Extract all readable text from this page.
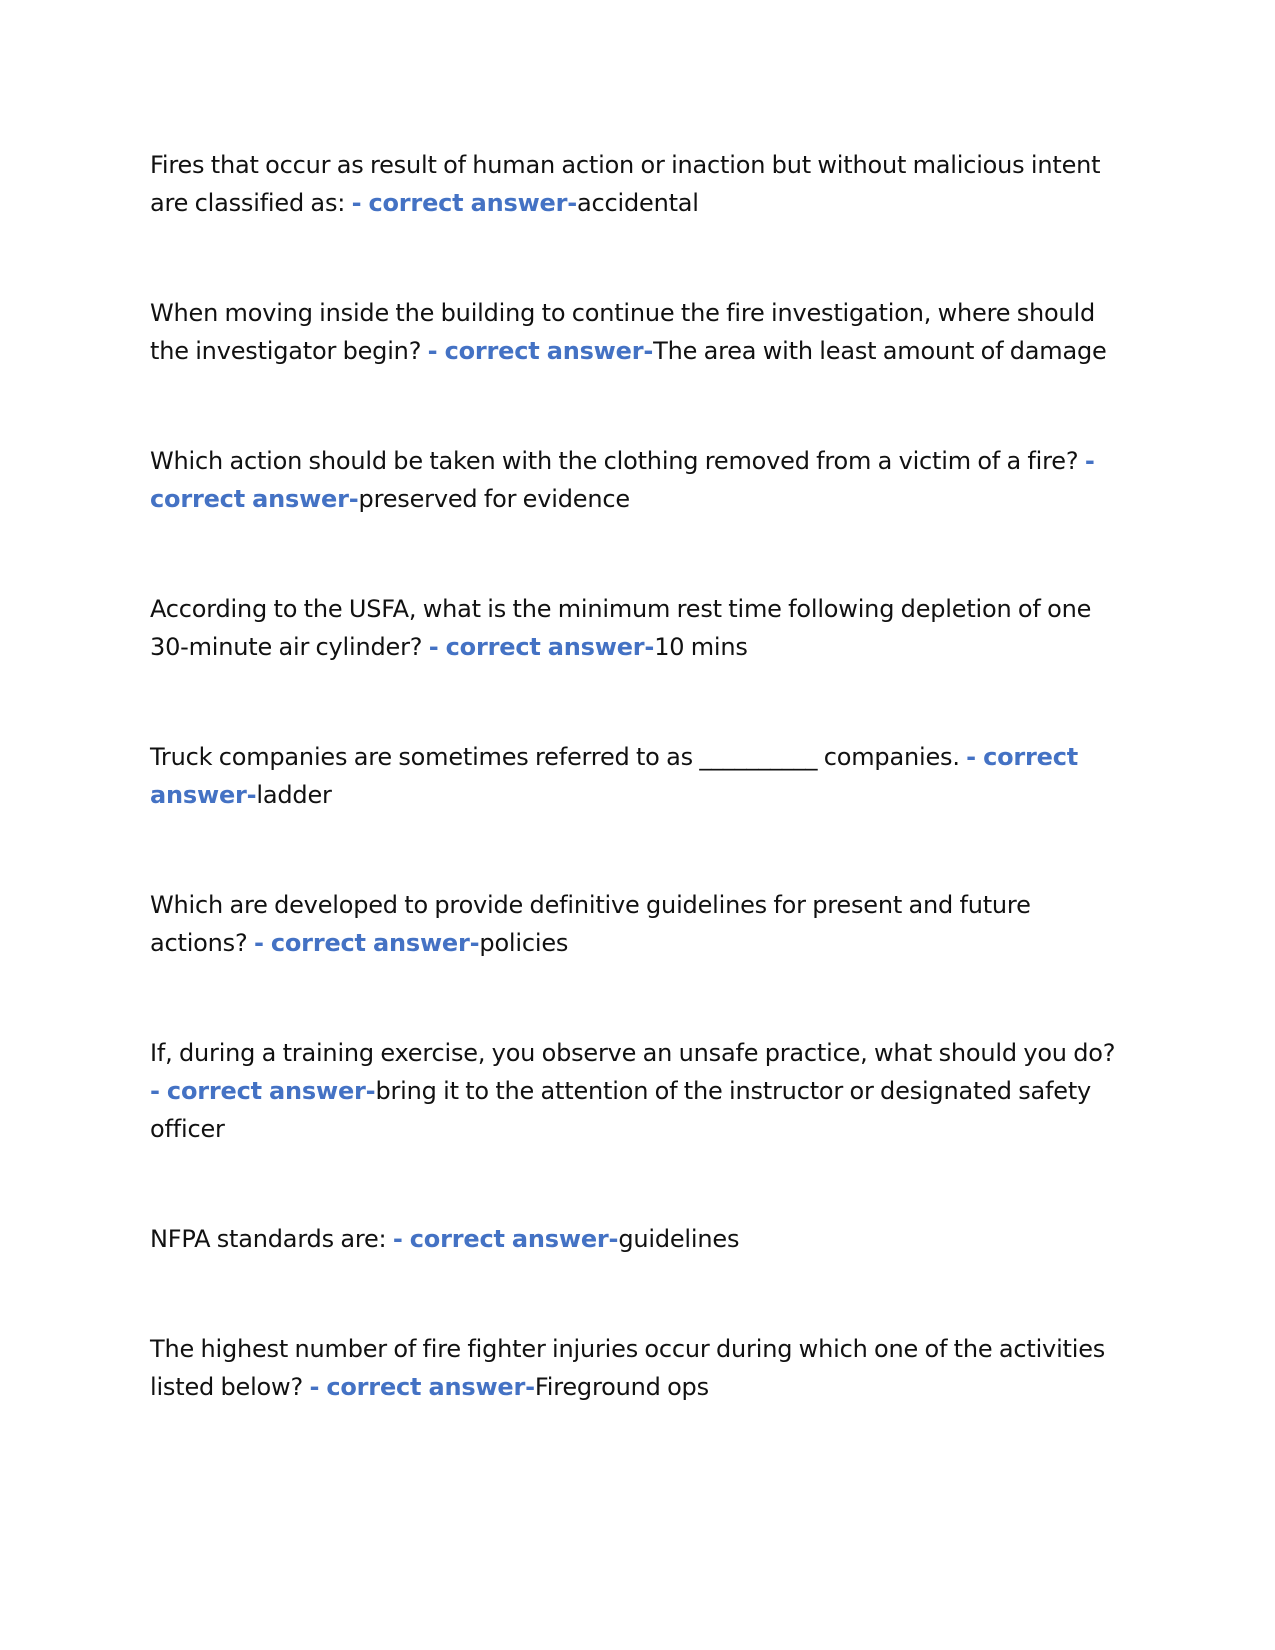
Fires that occur as result of human action or inaction but without malicious intent are classified as: - correct answer-accidental

When moving inside the building to continue the fire investigation, where should the investigator begin? - correct answer-The area with least amount of damage

Which action should be taken with the clothing removed from a victim of a fire? - correct answer-preserved for evidence

According to the USFA, what is the minimum rest time following depletion of one 30-minute air cylinder? - correct answer-10 mins

Truck companies are sometimes referred to as __________ companies. - correct answer-ladder

Which are developed to provide definitive guidelines for present and future actions? - correct answer-policies

If, during a training exercise, you observe an unsafe practice, what should you do? - correct answer-bring it to the attention of the instructor or designated safety officer

NFPA standards are: - correct answer-guidelines

The highest number of fire fighter injuries occur during which one of the activities listed below? - correct answer-Fireground ops
